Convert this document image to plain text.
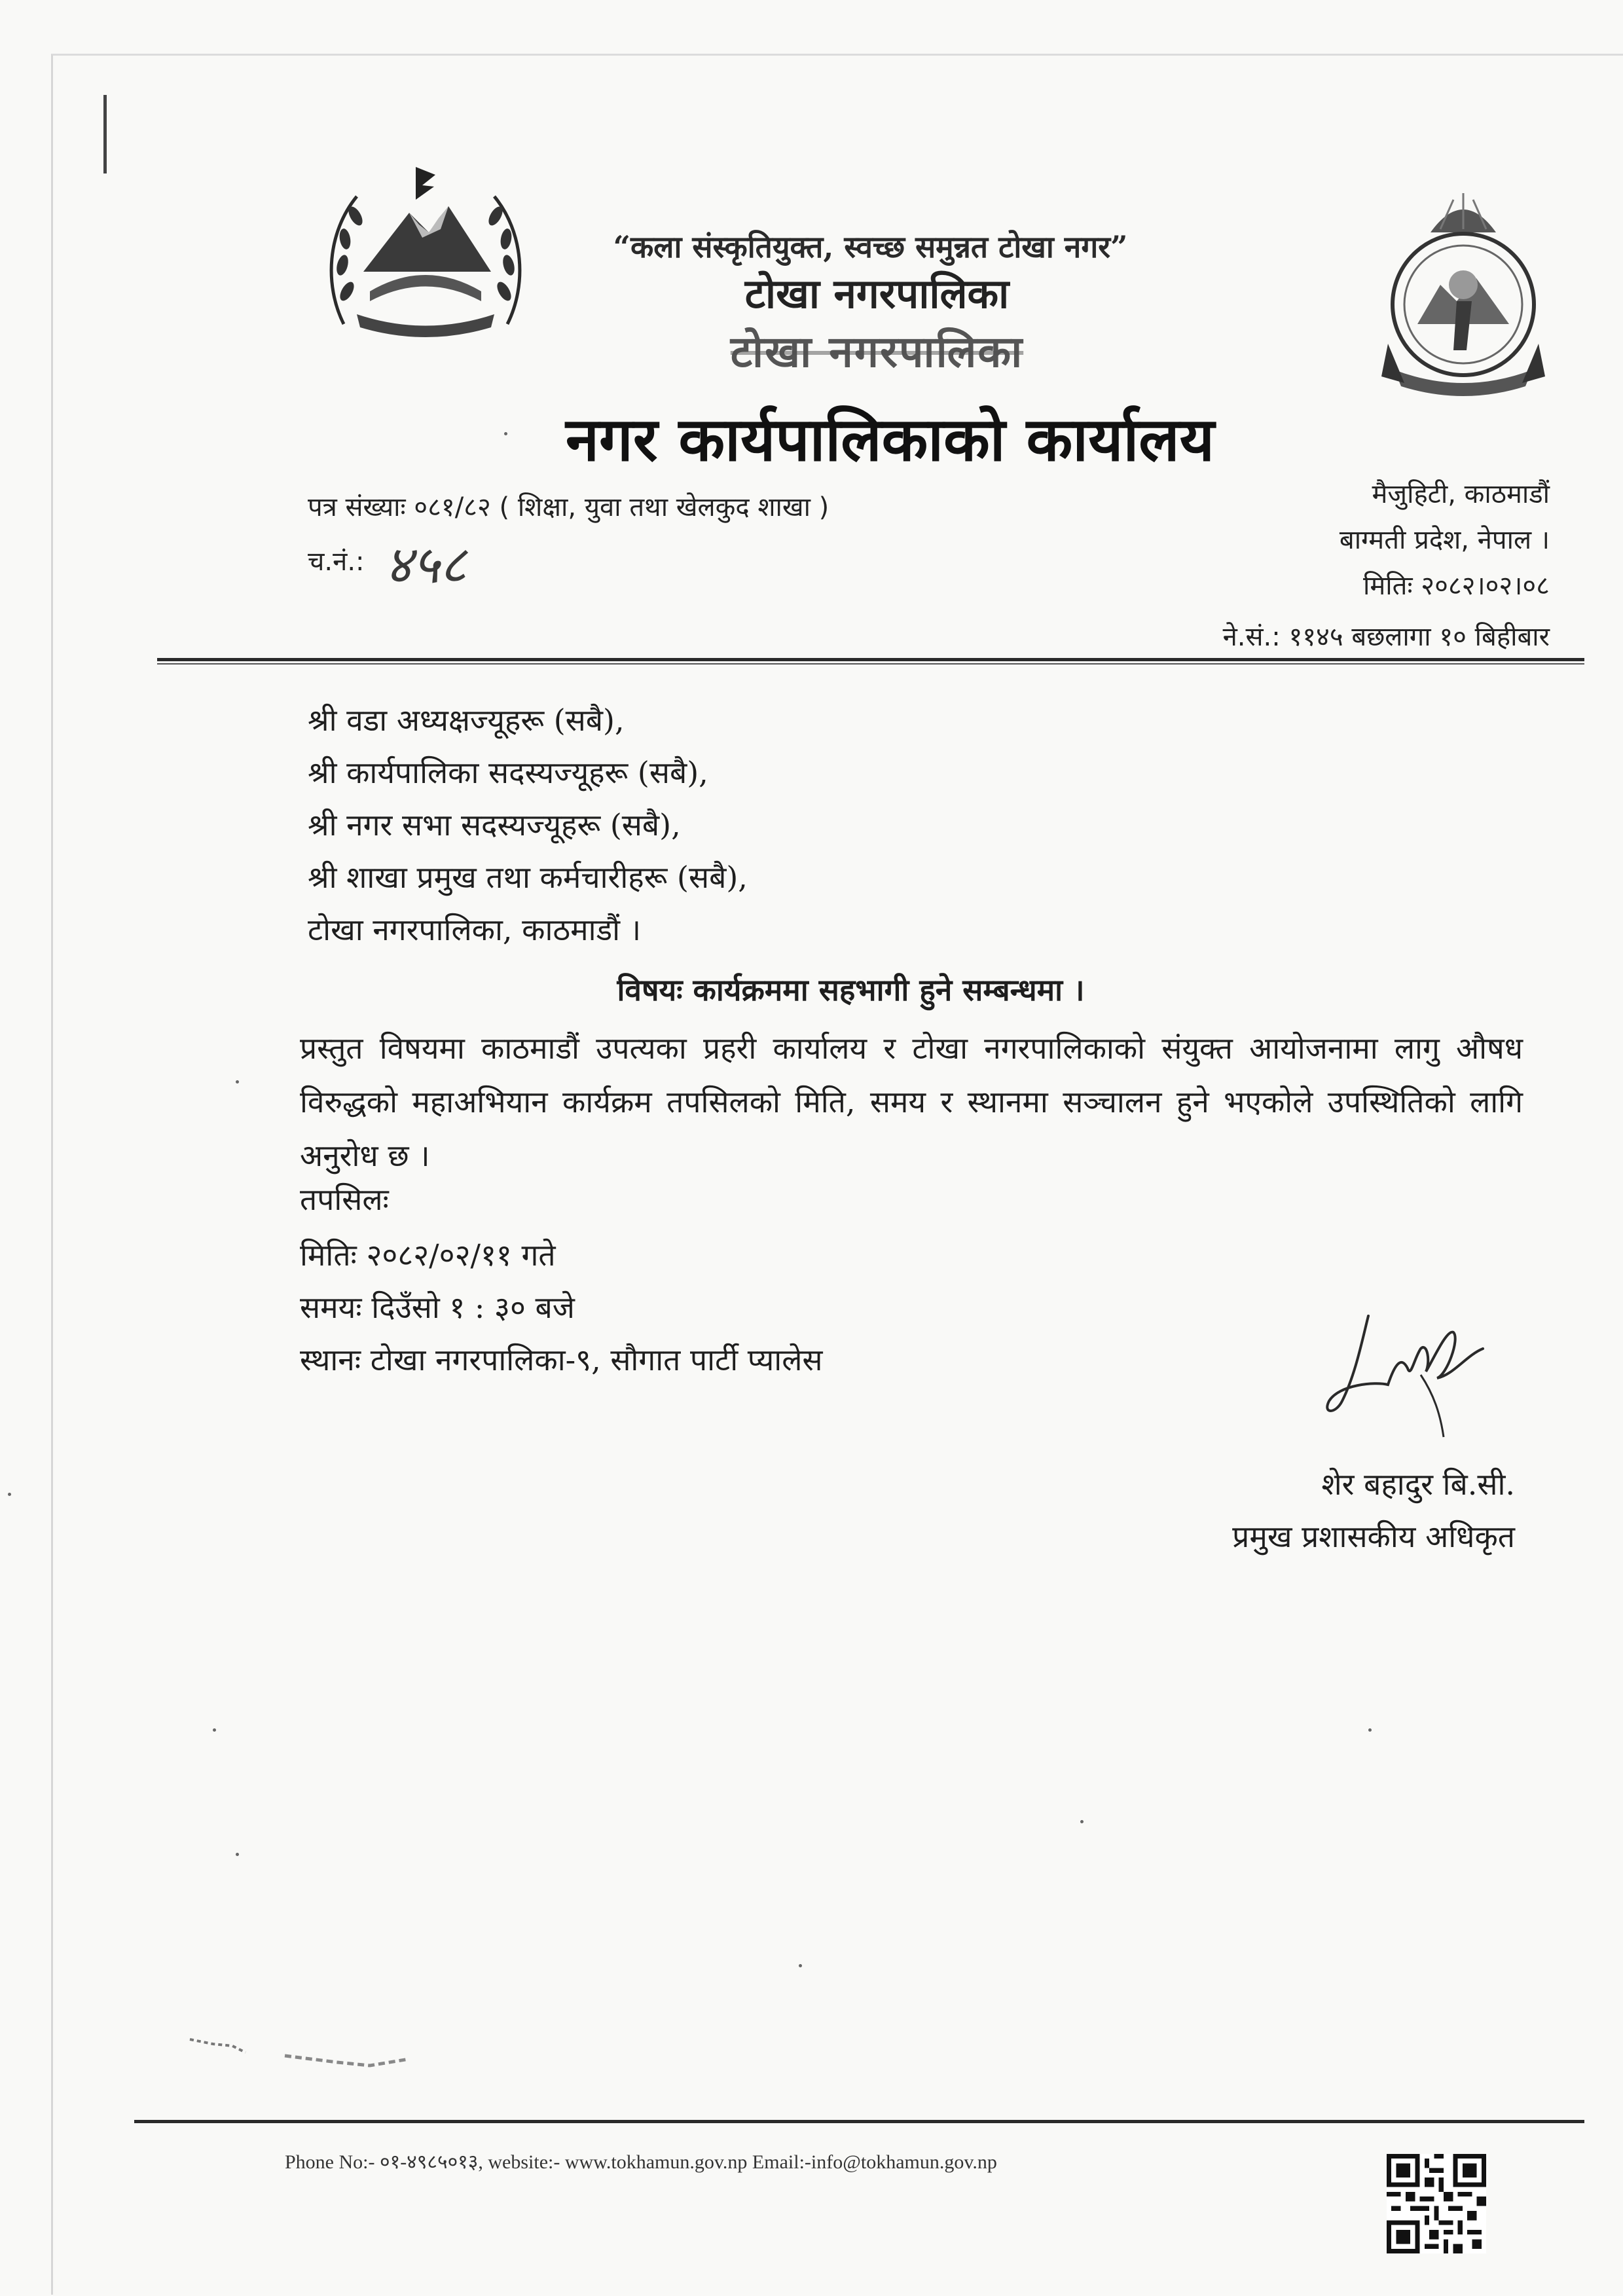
“कला संस्कृतियुक्त, स्वच्छ समुन्नत टोखा नगर”
टोखा नगरपालिका
टोखा नगरपालिका
नगर कार्यपालिकाको कार्यालय
पत्र संख्याः ०८१/८२ ( शिक्षा, युवा तथा खेलकुद शाखा )
च.नं.: ४५८
मैजुहिटी, काठमाडौं
बाग्मती प्रदेश, नेपाल ।
मितिः २०८२।०२।०८
ने.सं.: ११४५ बछलागा १० बिहीबार
श्री वडा अध्यक्षज्यूहरू (सबै),
श्री कार्यपालिका सदस्यज्यूहरू (सबै),
श्री नगर सभा सदस्यज्यूहरू (सबै),
श्री शाखा प्रमुख तथा कर्मचारीहरू (सबै),
टोखा नगरपालिका, काठमाडौं ।
विषयः कार्यक्रममा सहभागी हुने सम्बन्धमा ।
प्रस्तुत विषयमा काठमाडौं उपत्यका प्रहरी कार्यालय र टोखा नगरपालिकाको संयुक्त आयोजनामा लागु औषध विरुद्धको महाअभियान कार्यक्रम तपसिलको मिति, समय र स्थानमा सञ्चालन हुने भएकोले उपस्थितिको लागि अनुरोध छ ।
तपसिलः
मितिः २०८२/०२/११ गते
समयः दिउँसो १ : ३० बजे
स्थानः टोखा नगरपालिका-९, सौगात पार्टी प्यालेस
शेर बहादुर बि.सी.
प्रमुख प्रशासकीय अधिकृत
Phone No:- ०१-४९८५०१३, website:- www.tokhamun.gov.np Email:-info@tokhamun.gov.np
